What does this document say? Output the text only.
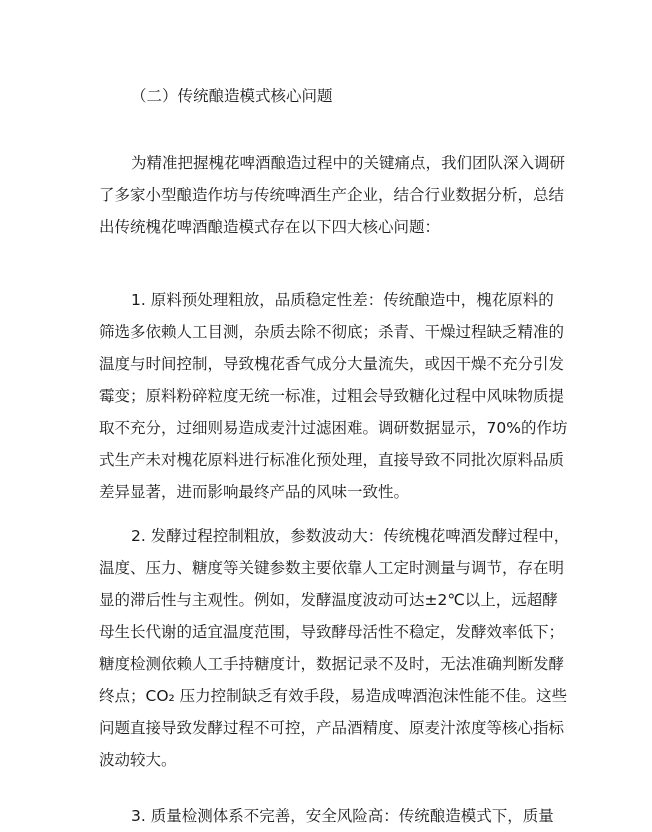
（二）传统酿造模式核心问题
为精准把握槐花啤酒酿造过程中的关键痛点，我们团队深入调研
了多家小型酿造作坊与传统啤酒生产企业，结合行业数据分析，总结
出传统槐花啤酒酿造模式存在以下四大核心问题：
1. 原料预处理粗放，品质稳定性差：传统酿造中，槐花原料的
筛选多依赖人工目测，杂质去除不彻底；杀青、干燥过程缺乏精准的
温度与时间控制，导致槐花香气成分大量流失，或因干燥不充分引发
霉变；原料粉碎粒度无统一标准，过粗会导致糖化过程中风味物质提
取不充分，过细则易造成麦汁过滤困难。调研数据显示，70%的作坊
式生产未对槐花原料进行标准化预处理，直接导致不同批次原料品质
差异显著，进而影响最终产品的风味一致性。
2. 发酵过程控制粗放，参数波动大：传统槐花啤酒发酵过程中，
温度、压力、糖度等关键参数主要依靠人工定时测量与调节，存在明
显的滞后性与主观性。例如，发酵温度波动可达±2℃以上，远超酵
母生长代谢的适宜温度范围，导致酵母活性不稳定，发酵效率低下；
糖度检测依赖人工手持糖度计，数据记录不及时，无法准确判断发酵
终点；CO₂ 压力控制缺乏有效手段，易造成啤酒泡沫性能不佳。这些
问题直接导致发酵过程不可控，产品酒精度、原麦汁浓度等核心指标
波动较大。
3. 质量检测体系不完善，安全风险高：传统酿造模式下，质量
